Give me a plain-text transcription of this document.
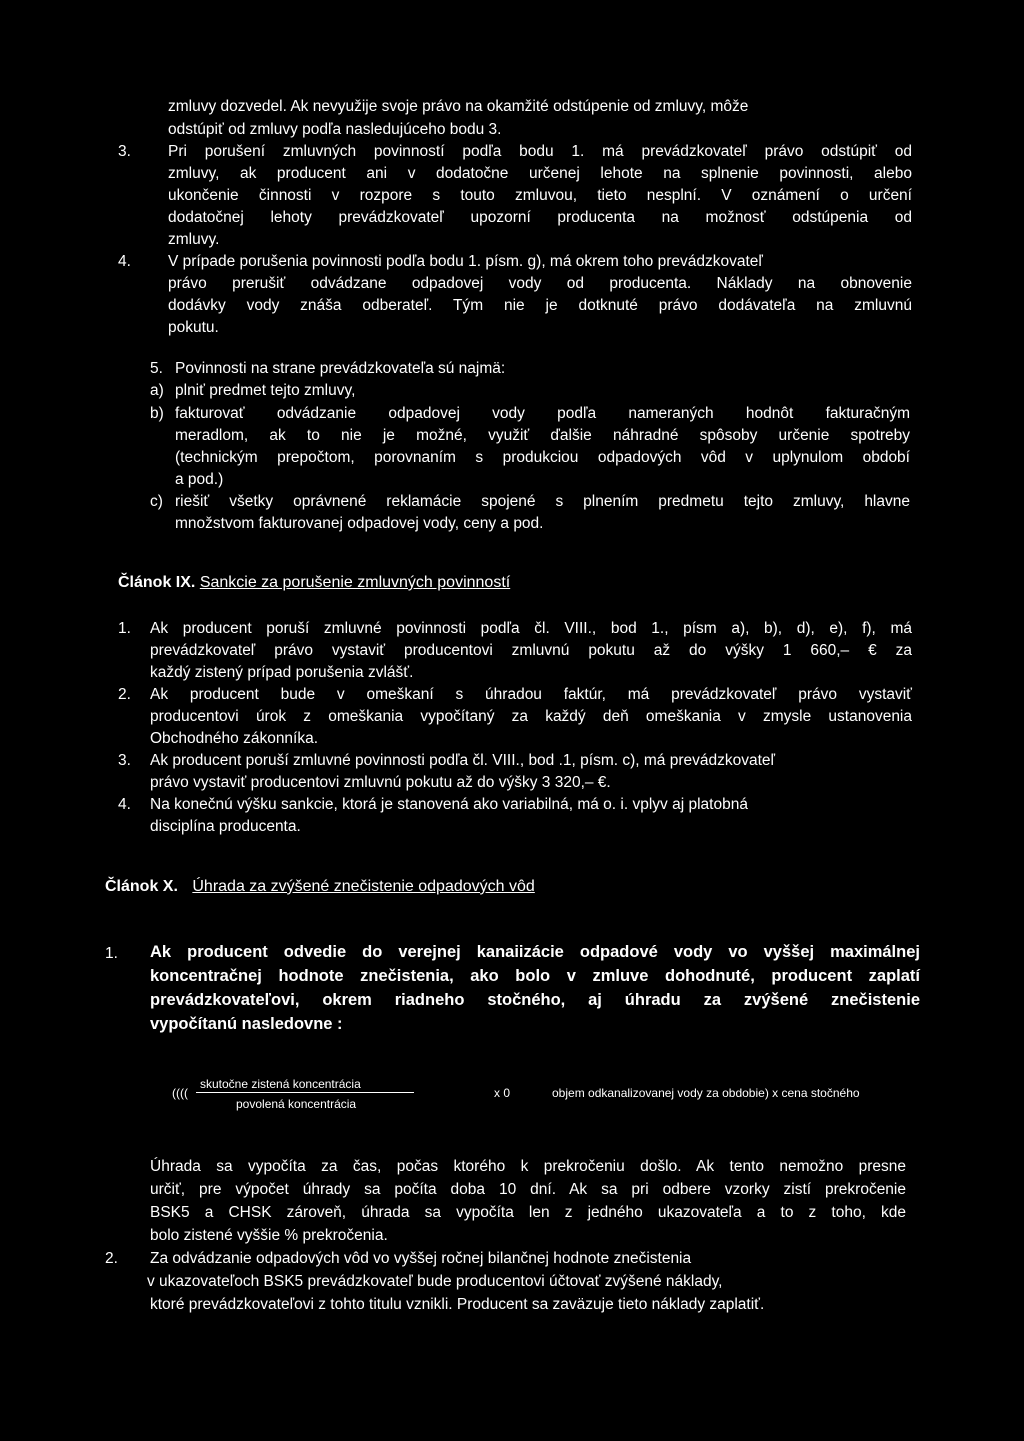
zmluvy dozvedel. Ak nevyužije svoje právo na okamžité odstúpenie od zmluvy, môže
odstúpiť od zmluvy podľa nasledujúceho bodu 3.
3. Pri porušení zmluvných povinností podľa bodu 1. má prevádzkovateľ právo odstúpiť od
zmluvy, ak producent ani v dodatočne určenej lehote na splnenie povinnosti, alebo
ukončenie činnosti v rozpore s touto zmluvou, tieto nesplní. V oznámení o určení
dodatočnej lehoty prevádzkovateľ upozorní producenta na možnosť odstúpenia od
zmluvy.
4. V prípade porušenia povinnosti podľa bodu 1. písm. g), má okrem toho prevádzkovateľ
právo prerušiť odvádzane odpadovej vody od producenta. Náklady na obnovenie
dodávky vody znáša odberateľ. Tým nie je dotknuté právo dodávateľa na zmluvnú
pokutu.
5. Povinnosti na strane prevádzkovateľa sú najmä:
a) plniť predmet tejto zmluvy,
b) fakturovať odvádzanie odpadovej vody podľa nameraných hodnôt fakturačným
meradlom, ak to nie je možné, využiť ďalšie náhradné spôsoby určenie spotreby
(technickým prepočtom, porovnaním s produkciou odpadových vôd v uplynulom období
a pod.)
c) riešiť všetky oprávnené reklamácie spojené s plnením predmetu tejto zmluvy, hlavne
množstvom fakturovanej odpadovej vody, ceny a pod.
Článok IX. Sankcie za porušenie zmluvných povinností
1. Ak producent poruší zmluvné povinnosti podľa čl. VIII., bod 1., písm a), b), d), e), f), má
prevádzkovateľ právo vystaviť producentovi zmluvnú pokutu až do výšky 1 660,– € za
každý zistený prípad porušenia zvlášť.
2. Ak producent bude v omeškaní s úhradou faktúr, má prevádzkovateľ právo vystaviť
producentovi úrok z omeškania vypočítaný za každý deň omeškania v zmysle ustanovenia
Obchodného zákonníka.
3. Ak producent poruší zmluvné povinnosti podľa čl. VIII., bod .1, písm. c), má prevádzkovateľ
právo vystaviť producentovi zmluvnú pokutu až do výšky 3 320,– €.
4. Na konečnú výšku sankcie, ktorá je stanovená ako variabilná, má o. i. vplyv aj platobná
disciplína producenta.
Článok X. Úhrada za zvýšené znečistenie odpadových vôd
1. Ak producent odvedie do verejnej kanaiizácie odpadové vody vo vyššej maximálnej
koncentračnej hodnote znečistenia, ako bolo v zmluve dohodnuté, producent zaplatí
prevádzkovateľovi, okrem riadneho stočného, aj úhradu za zvýšené znečistenie
vypočítanú nasledovne :
((((
skutočne zistená koncentrácia
povolená koncentrácia
x 0	objem odkanalizovanej vody za obdobie) x cena stočného
Úhrada sa vypočíta za čas, počas ktorého k prekročeniu došlo. Ak tento nemožno presne
určiť, pre výpočet úhrady sa počíta doba 10 dní. Ak sa pri odbere vzorky zistí prekročenie
BSK5 a CHSK zároveň, úhrada sa vypočíta len z jedného ukazovateľa a to z toho, kde
bolo zistené vyššie % prekročenia.
2. Za odvádzanie odpadových vôd vo vyššej ročnej bilančnej hodnote znečistenia
v ukazovateľoch BSK5 prevádzkovateľ bude producentovi účtovať zvýšené náklady,
ktoré prevádzkovateľovi z tohto titulu vznikli. Producent sa zaväzuje tieto náklady zaplatiť.
